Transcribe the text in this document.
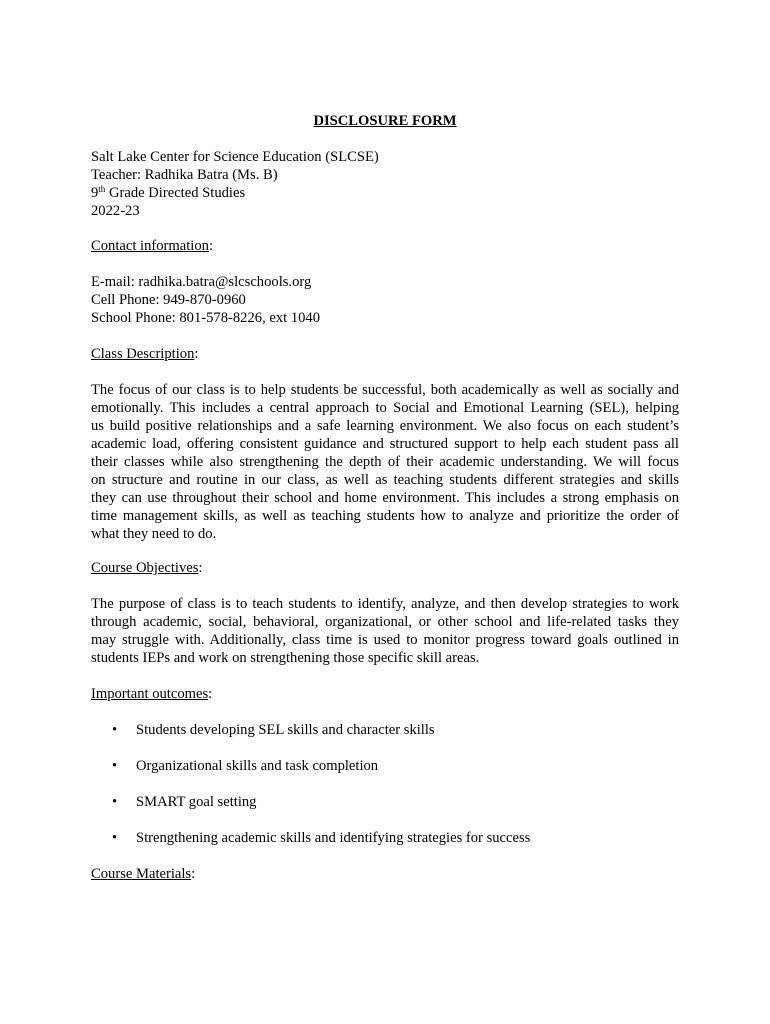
DISCLOSURE FORM
Salt Lake Center for Science Education (SLCSE)
Teacher: Radhika Batra (Ms. B)
9th Grade Directed Studies
2022-23
Contact information:
E-mail: radhika.batra@slcschools.org
Cell Phone: 949-870-0960
School Phone: 801-578-8226, ext 1040
Class Description:
The focus of our class is to help students be successful, both academically as well as socially and
emotionally. This includes a central approach to Social and Emotional Learning (SEL), helping
us build positive relationships and a safe learning environment. We also focus on each student’s
academic load, offering consistent guidance and structured support to help each student pass all
their classes while also strengthening the depth of their academic understanding. We will focus
on structure and routine in our class, as well as teaching students different strategies and skills
they can use throughout their school and home environment. This includes a strong emphasis on
time management skills, as well as teaching students how to analyze and prioritize the order of
what they need to do.
Course Objectives:
The purpose of class is to teach students to identify, analyze, and then develop strategies to work
through academic, social, behavioral, organizational, or other school and life-related tasks they
may struggle with. Additionally, class time is used to monitor progress toward goals outlined in
students IEPs and work on strengthening those specific skill areas.
Important outcomes:
•	Students developing SEL skills and character skills
•	Organizational skills and task completion
•	SMART goal setting
•	Strengthening academic skills and identifying strategies for success
Course Materials:
